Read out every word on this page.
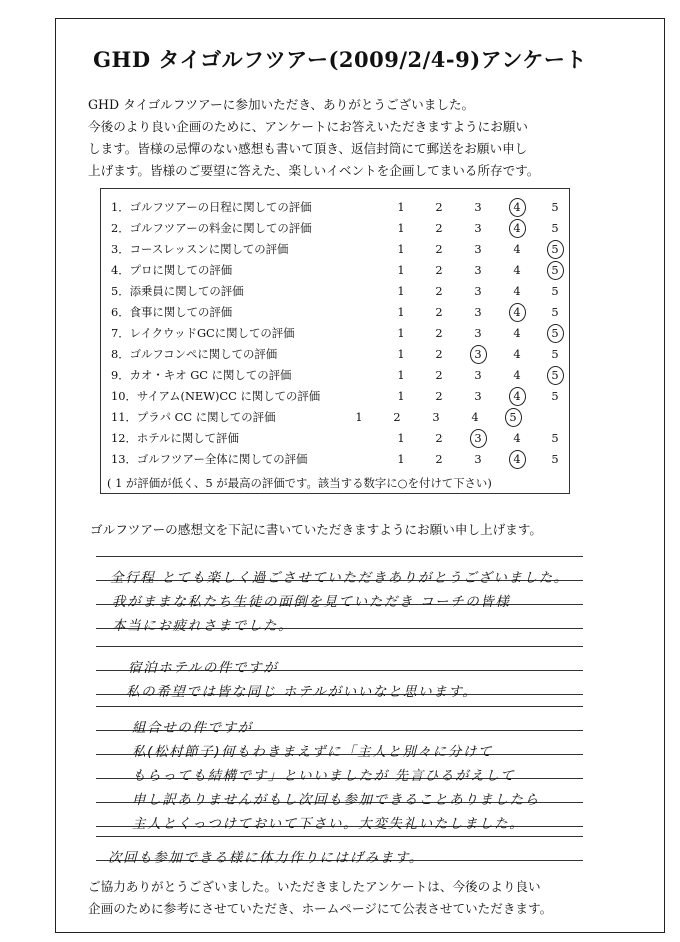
GHD タイゴルフツアー(2009/2/4-9)アンケート
GHD タイゴルフツアーに参加いただき、ありがとうございました。
今後のより良い企画のために、アンケートにお答えいただきますようにお願い
します。皆様の忌憚のない感想も書いて頂き、返信封筒にて郵送をお願い申し
上げます。皆様のご要望に答えた、楽しいイベントを企画してまいる所存です。
1．ゴルフツアーの日程に関しての評価	1	2	3	4	5
2．ゴルフツアーの料金に関しての評価	1	2	3	4	5
3．コースレッスンに関しての評価	1	2	3	4	5
4．プロに関しての評価	1	2	3	4	5
5．添乗員に関しての評価	1	2	3	4	5
6．食事に関しての評価	1	2	3	4	5
7．レイクウッドGCに関しての評価	1	2	3	4	5
8．ゴルフコンペに関しての評価	1	2	3	4	5
9．カオ・キオ GC に関しての評価	1	2	3	4	5
10．サイアム(NEW)CC に関しての評価	1	2	3	4	5
11．プラパ CC に関しての評価	1	2	3	4	5
12．ホテルに関して評価	1	2	3	4	5
13．ゴルフツアー全体に関しての評価	1	2	3	4	5
( 1 が評価が低く、5 が最高の評価です。該当する数字に○を付けて下さい)
ゴルフツアーの感想文を下記に書いていただきますようにお願い申し上げます。
全行程 とても楽しく過ごさせていただきありがとうございました。
我がままな私たち生徒の面倒を見ていただき コーチの皆様
本当にお疲れさまでした。
宿泊ホテルの件ですが
私の希望では皆な同じ ホテルがいいなと思います。
組合せの件ですが
私(松村節子)何もわきまえずに「主人と別々に分けて
もらっても結構です」といいましたが 先言ひるがえして
申し訳ありませんがもし次回も参加できることありましたら
主人とくっつけておいて下さい。大変失礼いたしました。
次回も参加できる様に体力作りにはげみます。
ご協力ありがとうございました。いただきましたアンケートは、今後のより良い
企画のために参考にさせていただき、ホームページにて公表させていただきます。
